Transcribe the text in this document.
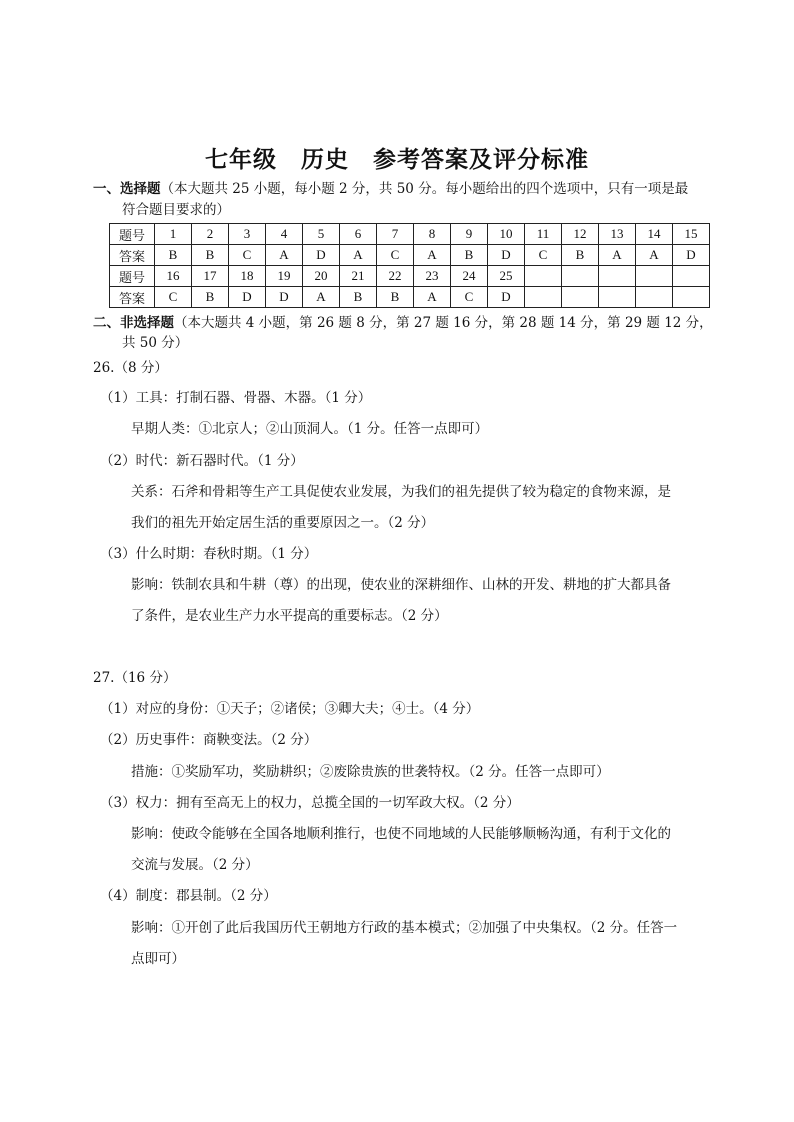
七年级　历史　参考答案及评分标准
一、选择题（本大题共 25 小题，每小题 2 分，共 50 分。每小题给出的四个选项中，只有一项是最
符合题目要求的）
题号	1	2	3	4	5	6	7	8	9	10	11	12	13	14	15
答案	B	B	C	A	D	A	C	A	B	D	C	B	A	A	D
题号	16	17	18	19	20	21	22	23	24	25					
答案	C	B	D	D	A	B	B	A	C	D					
二、非选择题（本大题共 4 小题，第 26 题 8 分，第 27 题 16 分，第 28 题 14 分，第 29 题 12 分，
共 50 分）
26.（8 分）
（1）工具：打制石器、骨器、木器。（1 分）
早期人类：①北京人；②山顶洞人。（1 分。任答一点即可）
（2）时代：新石器时代。（1 分）
关系：石斧和骨耜等生产工具促使农业发展，为我们的祖先提供了较为稳定的食物来源，是
我们的祖先开始定居生活的重要原因之一。（2 分）
（3）什么时期：春秋时期。（1 分）
影响：铁制农具和牛耕（尊）的出现，使农业的深耕细作、山林的开发、耕地的扩大都具备
了条件，是农业生产力水平提高的重要标志。（2 分）
27.（16 分）
（1）对应的身份：①天子；②诸侯；③卿大夫；④士。（4 分）
（2）历史事件：商鞅变法。（2 分）
措施：①奖励军功，奖励耕织；②废除贵族的世袭特权。（2 分。任答一点即可）
（3）权力：拥有至高无上的权力，总揽全国的一切军政大权。（2 分）
影响：使政令能够在全国各地顺利推行，也使不同地域的人民能够顺畅沟通，有利于文化的
交流与发展。（2 分）
（4）制度：郡县制。（2 分）
影响：①开创了此后我国历代王朝地方行政的基本模式；②加强了中央集权。（2 分。任答一
点即可）
